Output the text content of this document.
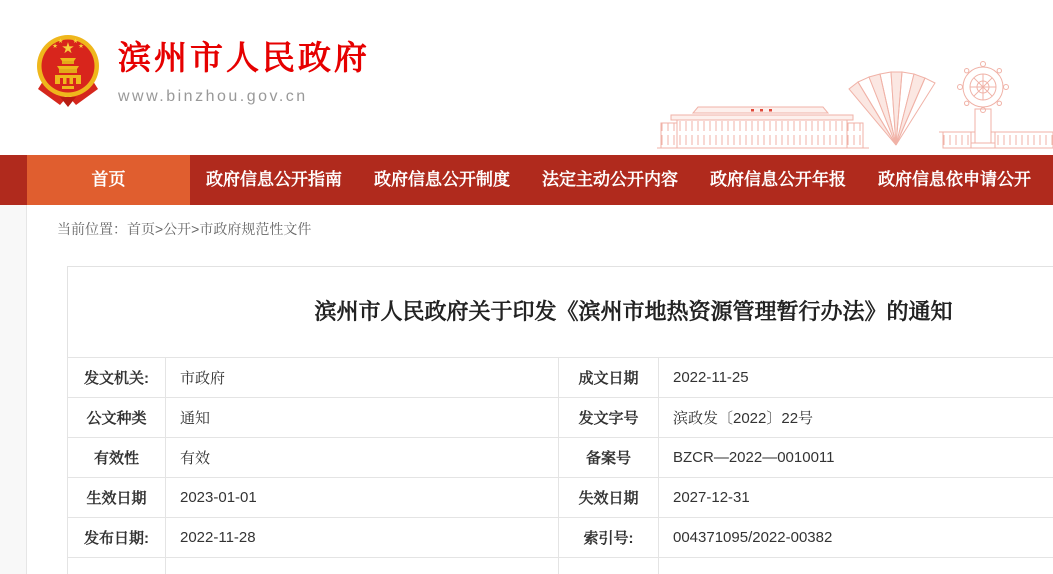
★
★
★ ★
★ 滨州市人民政府
www.binzhou.gov.cn
首页	政府信息公开指南	政府信息公开制度	法定主动公开内容	政府信息公开年报	政府信息依申请公开
当前位置：首页>公开>市政府规范性文件
滨州市人民政府关于印发《滨州市地热资源管理暂行办法》的通知
发文机关:	市政府	成文日期	2022-11-25
公文种类	通知	发文字号	滨政发〔2022〕22号
有效性	有效	备案号	BZCR—2022—0010011
生效日期	2023-01-01	失效日期	2027-12-31
发布日期:	2022-11-28	索引号:	004371095/2022-00382
